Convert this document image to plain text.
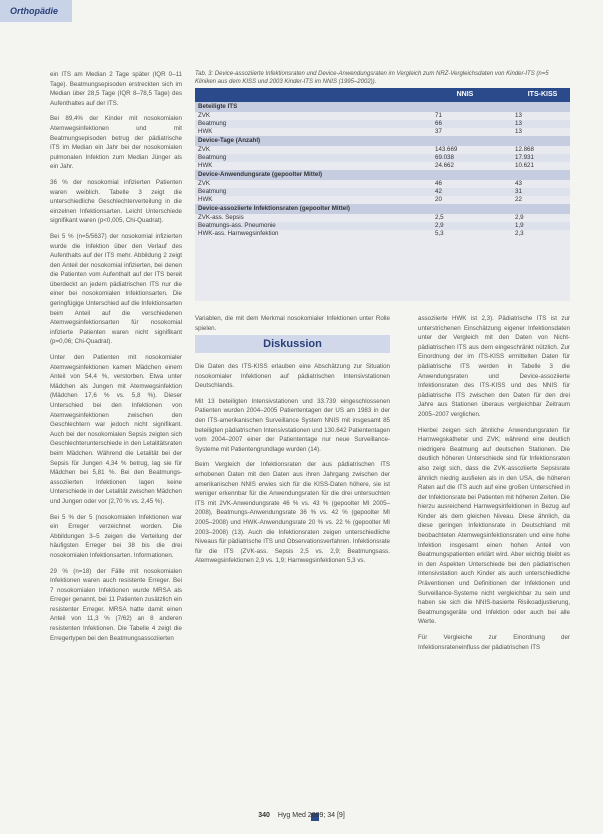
Orthopädie

ein ITS am Median 2 Tage später (IQR 0–11 Tage). Beatmungsepisoden erstreckten sich im Median über 28,5 Tage (IQR 8–78,5 Tage) des Aufenthaltes auf der ITS.

Bei 89,4% der Kinder mit nosokomialen Atemwegsinfektionen und mit Beatmungsepisoden betrug der pädiatrische ITS im Median ein Jahr bei der nosokomialen pulmonalen Infektion zum Median Jünger als ein Jahr.

36 % der nosokomial infizierten Patienten waren weiblich. Tabelle 3 zeigt die unterschiedliche Geschlechterverteilung in die einzelnen Infektionsarten. Leicht Unterschiede signifikant waren (p<0,005, Chi-Quadrat).

Bei 5 % (n=5/5637) der nosokomial infizierten wurde die Infektion über den Verlauf des Aufenthalts auf der ITS mehr. Abbildung 2 zeigt den Anteil der nosokomial infizierten, bei denen die Patienten vom Aufenthalt auf der ITS bereit überdeckt an jedem pädiatrischen ITS nur die einer bei nosokomialen Infektionsarten. Die geringfügige Unterschied auf die Infektionsarten beim Anteil auf die verschiedenen Atemwegsinfektionsarten für nosokomial infizierte Patienten waren nicht signifikant (p=0,06; Chi-Quadrat).

Unter den Patienten mit nosokomialer Atemwegsinfektionen kamen Mädchen einem Anteil von 54,4 %, verstorben. Etwa unter Mädchen als Jungen mit Atemwegsinfektion (Mädchen 17,6 % vs. 5,8 %). Dieser Unterschied bei den Infektionen von Atemwegsinfektionen zwischen den Geschlechtern war jedoch nicht signifikant. Auch bei der nosokomialen Sepsis zeigten sich Geschlechterunterschiede in den Letalitätsraten beim Mädchen. Während die Letalität bei der Sepsis für Jungen 4,34 % betrug, lag sie für Mädchen bei 5,81 %. Bei den Beatmungs-assoziierten Infektionen lagen keine Unterschiede in der Letalität zwischen Mädchen und Jungen oder vor (2,70 % vs. 2,45 %).

Bei 5 % der 5 (nosokomialen Infektionen war ein Erreger verzeichnet worden. Die Abbildungen 3–5 zeigen die Verteilung der häufigsten Erreger bei 38 bis die drei nosokomialen Infektionsarten. Informationen.

29 % (n=18) der Fälle mit nosokomialen Infektionen waren auch resistente Erreger. Bei 7 nosokomialen Infektionen wurde MRSA als Erreger genannt, bei 11 Patienten zusätzlich ein resistenter Erreger. MRSA hatte damit einen Anteil von 11,3 % (7/62) an 8 anderen resistenten Infektionen. Die Tabelle 4 zeigt die Erregertypen bei den Beatmungsassoziierten

Tab. 3: Device-assoziierte Infektionsraten und Device-Anwendungsraten im Vergleich zum NRZ-Vergleichsdaten von Kinder-ITS (n=5 Kliniken aus dem KISS und 2003 Kinder-ITS im NNIS (1995–2002)).
NNIS	ITS-KISS
Beteiligte ITS
ZVK	71	13
Beatmung	66	13
HWK	37	13
Device-Tage (Anzahl)
ZVK	143.669	12.868
Beatmung	69.038	17.931
HWK	24.662	10.621
Device-Anwendungsrate (gepoolter Mittel)
ZVK	46	43
Beatmung	42	31
HWK	20	22
Device-assoziierte Infektionsraten (gepoolter Mittel)
ZVK-ass. Sepsis	2,5	2,9
Beatmungs-ass. Pneumonie	2,9	1,9
HWK-ass. Harnwegsinfektion	5,3	2,3

Variablen, die mit dem Merkmal nosokomialer Infektionen unter Rolle spielen.

Diskussion

Die Daten des ITS-KISS erlauben eine Abschätzung zur Situation nosokomialer Infektionen auf pädiatrischen Intensivstationen Deutschlands.

Mit 13 beteiligten Intensivstationen und 33.739 eingeschlossenen Patienten wurden 2004–2005 Patiententagen der US am 1983 in der den ITS-amerikanischen Surveillance System NNIS mit insgesamt 85 beteiligten pädiatrischen Intensivstationen und 130.642 Patiententagen vom 2004–2007 einer der Patiententage nur neue Surveillance-Systeme mit Patientengrundlage wurden (14).

Beim Vergleich der Infektionsraten der aus pädiatrischen ITS erhobenen Daten mit den Daten aus ihren Jahrgang zwischen der amerikanischen NNIS erwies sich für die KISS-Daten höhere, sie ist weniger erkennbar für die Anwendungsraten für die drei untersuchten ITS mit 2VK-Anwendungsrate 46 % vs. 43 % (gepoolter MI 2005–2008), Beatmungs-Anwendungsrate 36 % vs. 42 % (gepoolter MI 2005–2008) und HWK-Anwendungsrate 20 % vs. 22 % (gepoolter MI 2003–2008) (13). Auch die Infektionsraten zeigen unterschiedliche Niveaus für pädiatrische ITS und Observationsverfahren. Infektionsrate für die ITS (ZVK-ass. Sepsis 2,5 vs. 2,9; Beatmungsass. Atemwegsinfektionen 2,9 vs. 1,9; Harnwegsinfektionen 5,3 vs.

assoziierte HWK ist 2,3). Pädiatrische ITS ist zur unterstrichenen Einschätzung eigener Infektionsdaten unter der Vergleich mit den Daten von Nicht-pädiatrischen ITS aus dem eingeschränkt nützlich. Zur Einordnung der im ITS-KISS ermittelten Daten für pädiatrische ITS werden in Tabelle 3 die Anwendungsraten und Device-assoziierte Infektionsraten des ITS-KISS und des NNIS für pädiatrische ITS zwischen den Daten für den drei Jahre aus Stationen überaus vergleichbar Zeitraum 2005–2007 verglichen.

Hierbei zeigen sich ähnliche Anwendungsraten für Harnwegskatheter und ZVK; während eine deutlich niedrigere Beatmung auf deutschen Stationen. Die deutlich höheren Unterschiede sind für Infektionsraten also zeigt sich, dass die ZVK-assoziierte Sepsisrate ähnlich niedrig ausfielen als in den USA, die höheren Raten auf die ITS auch auf eine großen Unterschied in der Infektionsrate bei Patienten mit höheren Zeiten. Die hierzu ausreichend Harnwegsinfektionen in Bezug auf Kinder als dem gleichen Niveau. Diese ähnlich, da diese geringen Infektionsrate in Deutschland mit beobachteten Atemwegsinfektionsraten und eine hohe Infektion insgesamt einen hohen Anteil von Beatmungspatienten erklärt wird. Aber wichtig bleibt es in den Aspekten Unterschiede bei den pädiatrischen Intensivstation auch Kinder als auch unterschiedliche Präventionen und Definitionen der Infektionen und Surveillance-Systeme nicht vergleichbar zu sein und haben sie sich die NNIS-basierte Risikoadjustierung, Beatmungsgeräte und Infektion oder auch bei alle Werte.

Für Vergleiche zur Einordnung der Infektionsrateneinfluss der pädiatrischen ITS

340 Hyg Med 2009; 34 [9]
